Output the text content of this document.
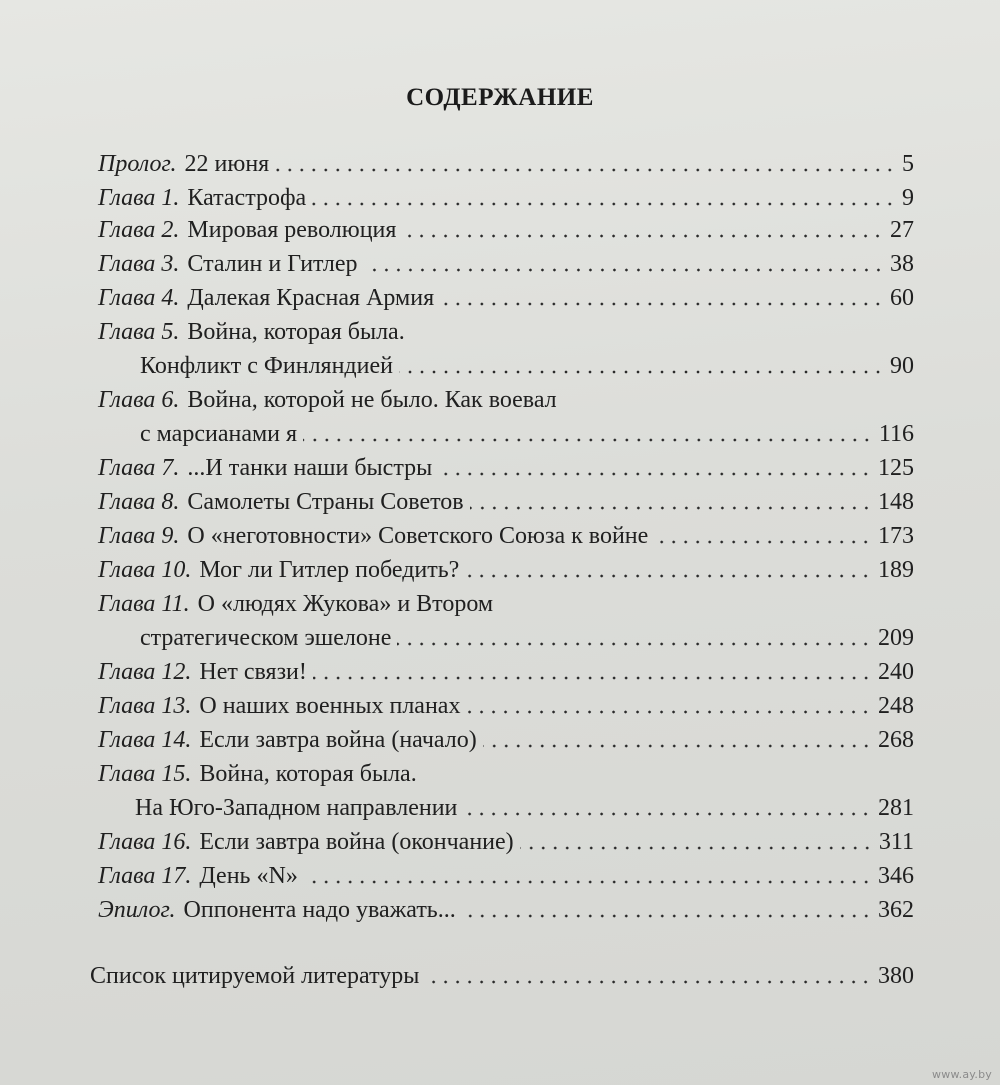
СОДЕРЖАНИЕ
Пролог. 22 июня	5
Глава 1. Катастрофа	9
Глава 2. Мировая революция	27
Глава 3. Сталин и Гитлер	38
Глава 4. Далекая Красная Армия	60
Глава 5. Война, которая была.
Конфликт с Финляндией	90
Глава 6. Война, которой не было. Как воевал
с марсианами я	116
Глава 7. ...И танки наши быстры	125
Глава 8. Самолеты Страны Советов	148
Глава 9. О «неготовности» Советского Союза к войне	173
Глава 10. Мог ли Гитлер победить?	189
Глава 11. О «людях Жукова» и Втором
стратегическом эшелоне	209
Глава 12. Нет связи!	240
Глава 13. О наших военных планах	248
Глава 14. Если завтра война (начало)	268
Глава 15. Война, которая была.
На Юго-Западном направлении	281
Глава 16. Если завтра война (окончание)	311
Глава 17. День «N»	346
Эпилог. Оппонента надо уважать...	362
Список цитируемой литературы	380
www.ay.by
